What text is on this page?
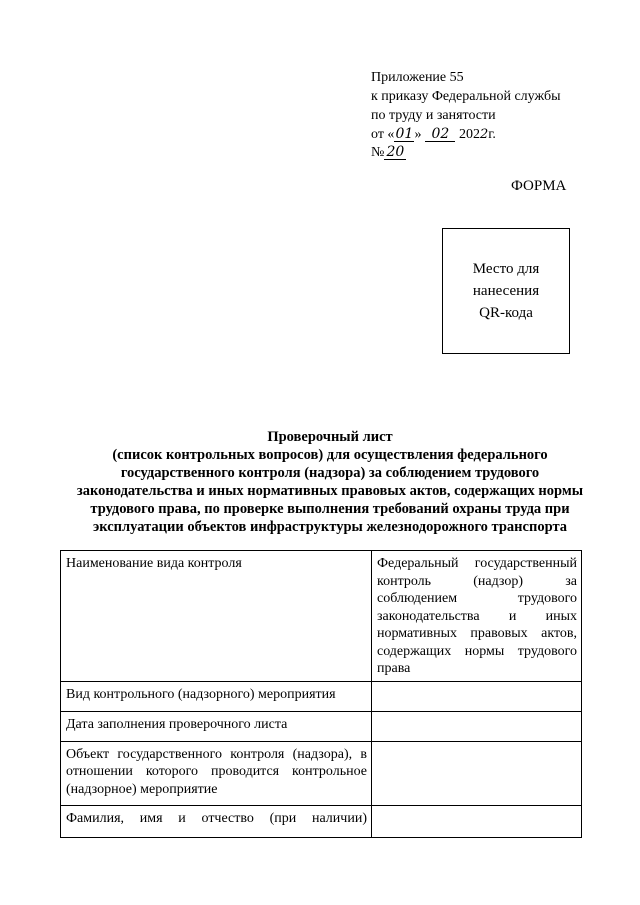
Приложение 55
к приказу Федеральной службы
по труду и занятости
от «01» 02 2022г.
№ 20
ФОРМА
Место для
нанесения
QR-кода
Проверочный лист
(список контрольных вопросов) для осуществления федерального
государственного контроля (надзора) за соблюдением трудового
законодательства и иных нормативных правовых актов, содержащих нормы
трудового права, по проверке выполнения требований охраны труда при
эксплуатации объектов инфраструктуры железнодорожного транспорта
Наименование вида контроля	Федеральный государственный контроль (надзор) за соблюдением трудового законодательства и иных нормативных правовых актов, содержащих нормы трудового права
Вид контрольного (надзорного) мероприятия	
Дата заполнения проверочного листа	
Объект государственного контроля (надзора), в отношении которого проводится контрольное (надзорное) мероприятие	
Фамилия, имя и отчество (при наличии)	
